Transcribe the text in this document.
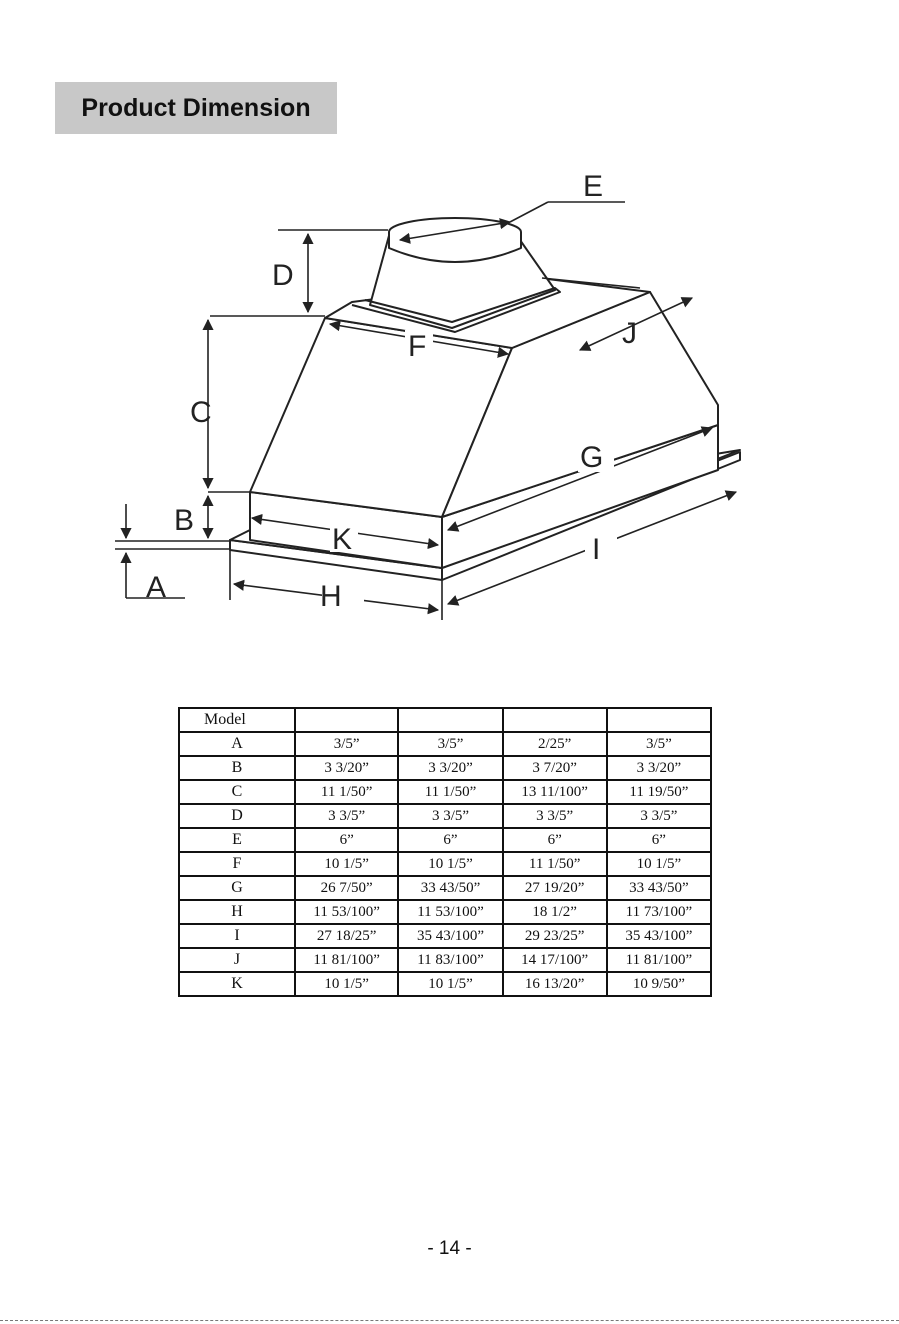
Product Dimension
A
B
C
D
E
F
G
H
I
J
K
Model				
A	3/5”	3/5”	2/25”	3/5”
B	3 3/20”	3 3/20”	3 7/20”	3 3/20”
C	11 1/50”	11 1/50”	13 11/100”	11 19/50”
D	3 3/5”	3 3/5”	3 3/5”	3 3/5”
E	6”	6”	6”	6”
F	10 1/5”	10 1/5”	11 1/50”	10 1/5”
G	26 7/50”	33 43/50”	27 19/20”	33 43/50”
H	11 53/100”	11 53/100”	18 1/2”	11 73/100”
I	27 18/25”	35 43/100”	29 23/25”	35 43/100”
J	11 81/100”	11 83/100”	14 17/100”	11 81/100”
K	10 1/5”	10 1/5”	16 13/20”	10 9/50”
- 14 -
